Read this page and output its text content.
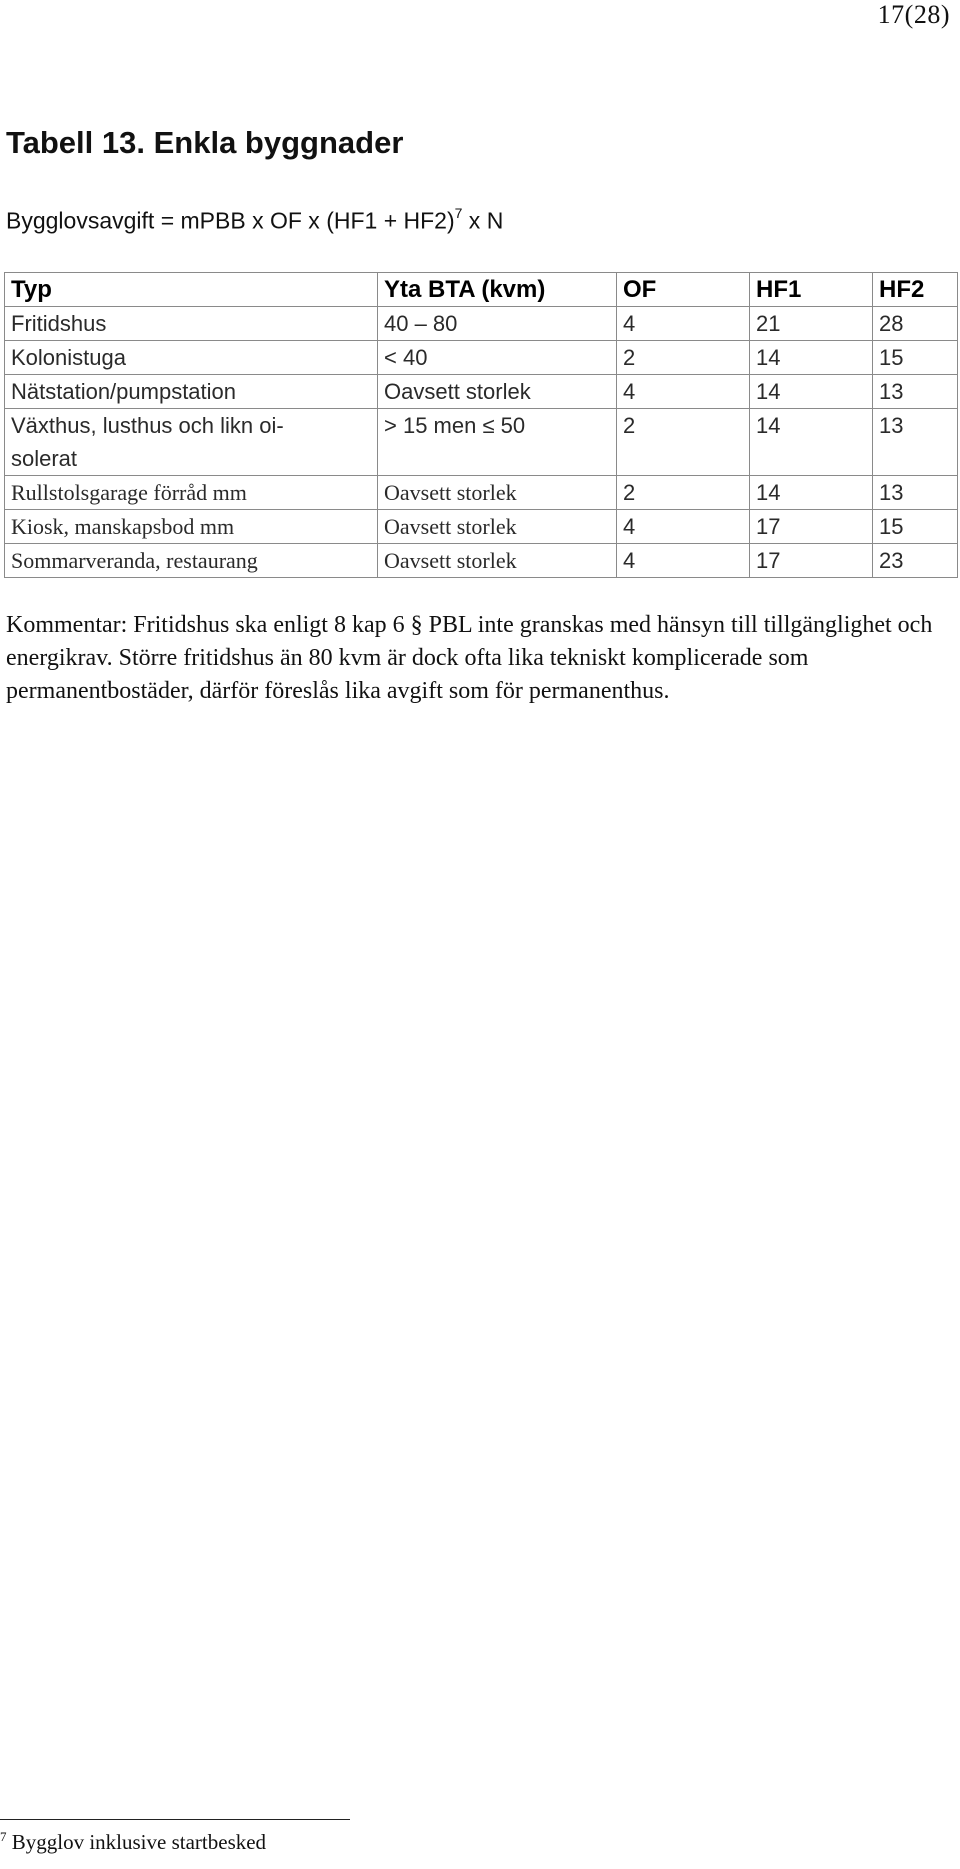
17(28)
Tabell 13. Enkla byggnader
Bygglovsavgift = mPBB x OF x $(HF1 + HF2)^7$ x N
Typ	Yta BTA (kvm)	OF	HF1	HF2
Fritidshus	40 – 80	4	21	28
Kolonistuga	< 40	2	14	15
Nätstation/pumpstation	Oavsett storlek	4	14	13
Växthus, lusthus och likn oi-
solerat	> 15 men ≤ 50	2	14	13
Rullstolsgarage förråd mm	Oavsett storlek	2	14	13
Kiosk, manskapsbod mm	Oavsett storlek	4	17	15
Sommarveranda, restaurang	Oavsett storlek	4	17	23

Kommentar: Fritidshus ska enligt 8 kap 6 § PBL inte granskas med hänsyn till tillgänglighet och energikrav. Större fritidshus än 80 kvm är dock ofta lika tekniskt komplicerade som permanentbostäder, därför föreslås lika avgift som för permanenthus.

$^7$ Bygglov inklusive startbesked
